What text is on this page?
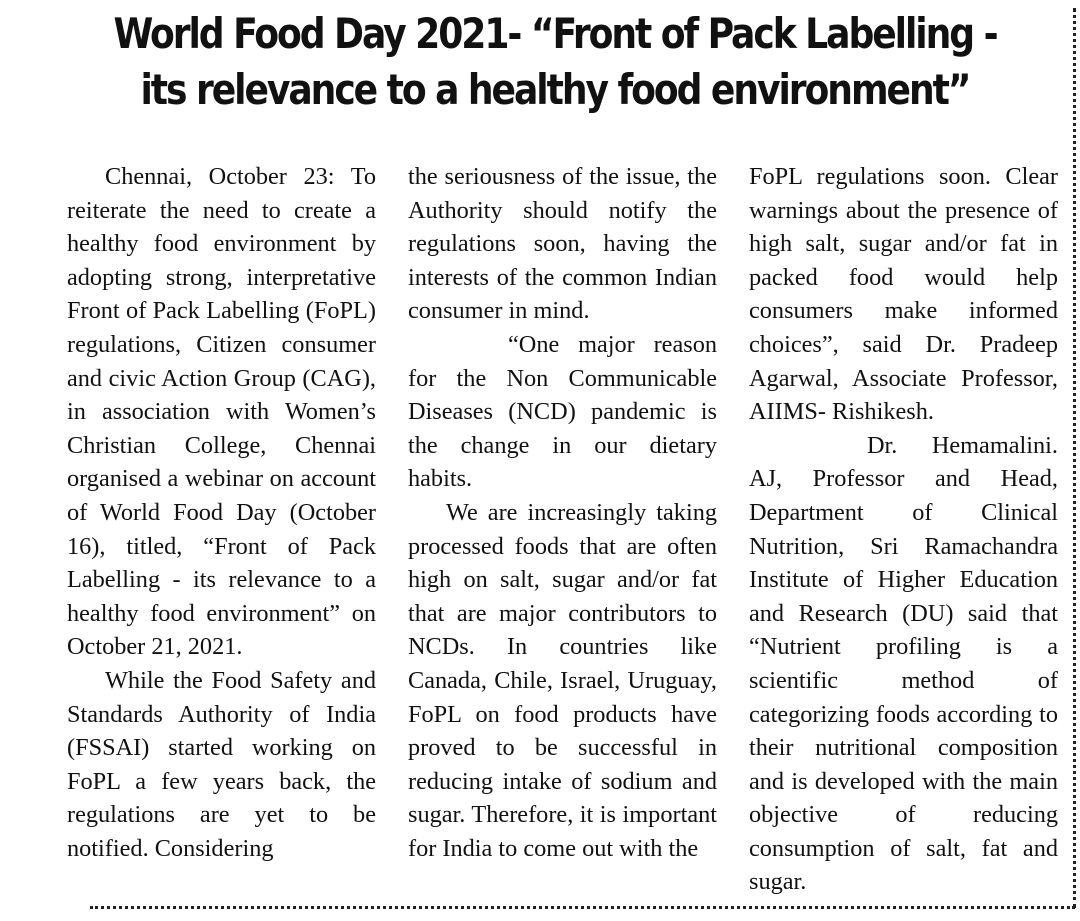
World Food Day 2021- “Front of Pack Labelling -
its relevance to a healthy food environment”

Chennai, October 23: To reiterate the need to create a healthy food environment by adopting strong, interpretative Front of Pack Labelling (FoPL) regulations, Citizen consumer and civic Action Group (CAG), in association with Women’s Christian College, Chennai organised a webinar on account of World Food Day (October 16), titled, “Front of Pack Labelling - its relevance to a healthy food environment” on October 21, 2021.

While the Food Safety and Standards Authority of India (FSSAI) started working on FoPL a few years back, the regulations are yet to be notified. Considering

the seriousness of the issue, the Authority should notify the regulations soon, having the interests of the common Indian consumer in mind.

“One major reason for the Non Communicable Diseases (NCD) pandemic is the change in our dietary habits.

We are increasingly taking processed foods that are often high on salt, sugar and/or fat that are major contributors to NCDs. In countries like Canada, Chile, Israel, Uruguay, FoPL on food products have proved to be successful in reducing intake of sodium and sugar. Therefore, it is important for India to come out with the

FoPL regulations soon. Clear warnings about the presence of high salt, sugar and/or fat in packed food would help consumers make informed choices”, said Dr. Pradeep Agarwal, Associate Professor, AIIMS- Rishikesh.

Dr. Hemamalini. AJ, Professor and Head, Department of Clinical Nutrition, Sri Ramachandra Institute of Higher Education and Research (DU) said that “Nutrient profiling is a scientific method of categorizing foods according to their nutritional composition and is developed with the main objective of reducing consumption of salt, fat and sugar.
